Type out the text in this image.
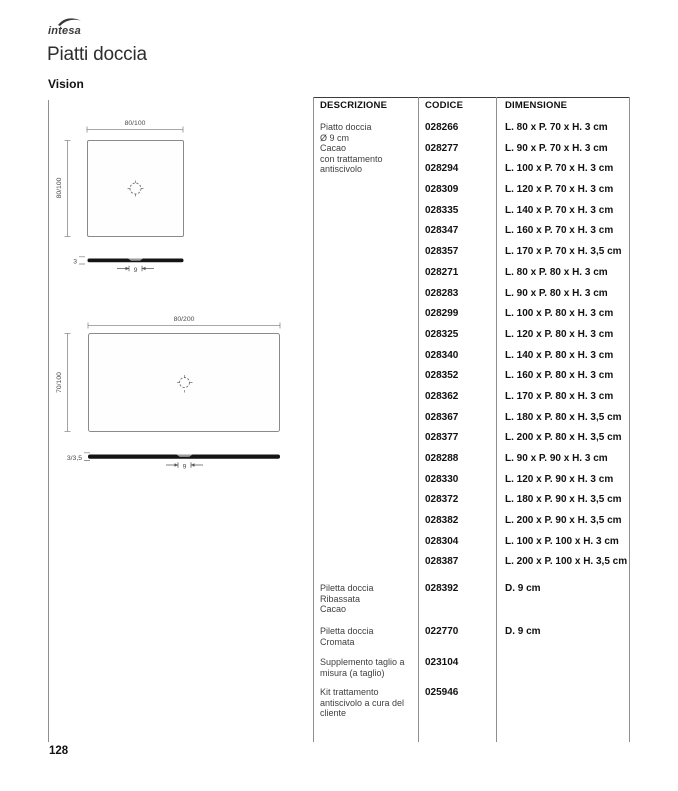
intesa
Piatti doccia
Vision
80/100
80/100
3
9
80/200
70/100
3/3,5
9
DESCRIZIONE	CODICE	DIMENSIONE
Piatto doccia
Ø 9 cm
Cacao
con trattamento
antiscivolo
028266	L. 80 x P. 70 x H. 3 cm
028277	L. 90 x P. 70 x H. 3 cm
028294	L. 100 x P. 70 x H. 3 cm
028309	L. 120 x P. 70 x H. 3 cm
028335	L. 140 x P. 70 x H. 3 cm
028347	L. 160 x P. 70 x H. 3 cm
028357	L. 170 x P. 70 x H. 3,5 cm
028271	L. 80 x P. 80 x H. 3 cm
028283	L. 90 x P. 80 x H. 3 cm
028299	L. 100 x P. 80 x H. 3 cm
028325	L. 120 x P. 80 x H. 3 cm
028340	L. 140 x P. 80 x H. 3 cm
028352	L. 160 x P. 80 x H. 3 cm
028362	L. 170 x P. 80 x H. 3 cm
028367	L. 180 x P. 80 x H. 3,5 cm
028377	L. 200 x P. 80 x H. 3,5 cm
028288	L. 90 x P. 90 x H. 3 cm
028330	L. 120 x P. 90 x H. 3 cm
028372	L. 180 x P. 90 x H. 3,5 cm
028382	L. 200 x P. 90 x H. 3,5 cm
028304	L. 100 x P. 100 x H. 3 cm
028387	L. 200 x P. 100 x H. 3,5 cm
Piletta doccia
Ribassata
Cacao
028392	D. 9 cm
Piletta doccia
Cromata
022770	D. 9 cm
Supplemento taglio a
misura (a taglio)
023104
Kit trattamento
antiscivolo a cura del
cliente
025946
128
